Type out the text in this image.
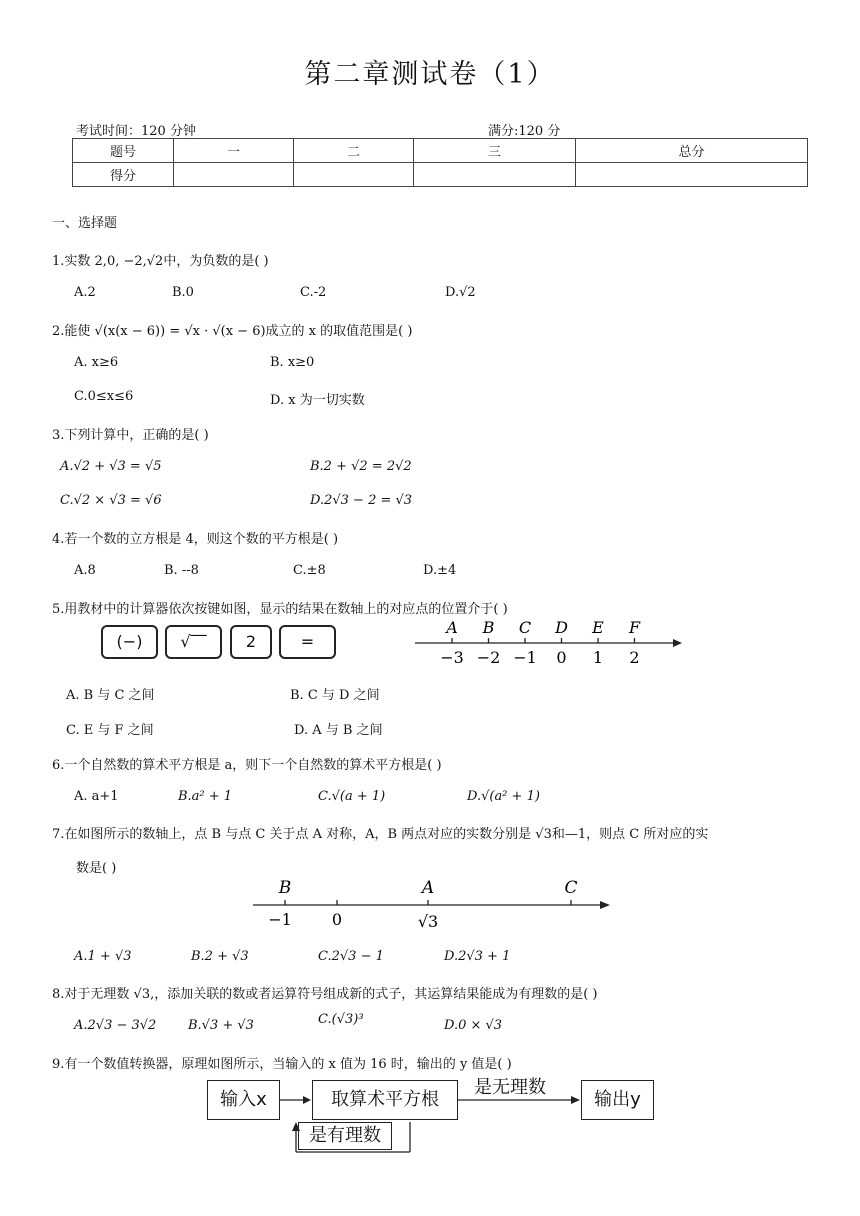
第二章测试卷（1）
考试时间：120 分钟	满分:120 分
题号	一	二	三	总分
得分				
一、选择题
1.实数 2,0, −2,√2中，为负数的是( )
A.2	B.0	C.-2	D.√2
2.能使 √(x(x − 6)) = √x · √(x − 6)成立的 x 的取值范围是( )
A. x≥6	B. x≥0
C.0≤x≤6	D. x 为一切实数
3.下列计算中，正确的是( )
A.√2 + √3 = √5	B.2 + √2 = 2√2
C.√2 × √3 = √6	D.2√3 − 2 = √3
4.若一个数的立方根是 4，则这个数的平方根是( )
A.8	B. --8	C.±8	D.±4
5.用教材中的计算器依次按键如图，显示的结果在数轴上的对应点的位置介于( )
(−)	√‾‾	2	=
A
−3
B
−2
C
−1
D
0
E
1
F
2
A. B 与 C 之间	B. C 与 D 之间
C. E 与 F 之间	D. A 与 B 之间
6.一个自然数的算术平方根是 a，则下一个自然数的算术平方根是( )
A. a+1	B.a² + 1	C.√(a + 1)	D.√(a² + 1)
7.在如图所示的数轴上，点 B 与点 C 关于点 A 对称，A，B 两点对应的实数分别是 √3和—1，则点 C 所对应的实
数是( )
B	A	C
−1	0	√3
A.1 + √3	B.2 + √3	C.2√3 − 1	D.2√3 + 1
8.对于无理数 √3,，添加关联的数或者运算符号组成新的式子，其运算结果能成为有理数的是( )
A.2√3 − 3√2 B.√3 + √3	C.(√3)³	D.0 × √3
9.有一个数值转换器，原理如图所示，当输入的 x 值为 16 时，输出的 y 值是( )
输入x	取算术平方根	输出y
是无理数
是有理数
